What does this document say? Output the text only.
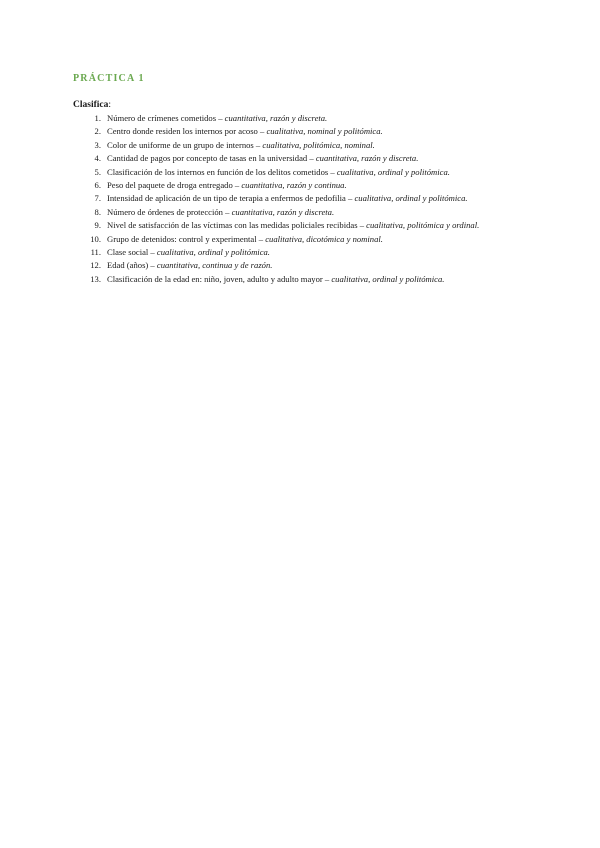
PRÁCTICA 1

Clasifica:

1. Número de crímenes cometidos – cuantitativa, razón y discreta.
2. Centro donde residen los internos por acoso – cualitativa, nominal y politómica.
3. Color de uniforme de un grupo de internos – cualitativa, politómica, nominal.
4. Cantidad de pagos por concepto de tasas en la universidad – cuantitativa, razón y discreta.
5. Clasificación de los internos en función de los delitos cometidos – cualitativa, ordinal y politómica.
6. Peso del paquete de droga entregado – cuantitativa, razón y continua.
7. Intensidad de aplicación de un tipo de terapia a enfermos de pedofilia – cualitativa, ordinal y politómica.
8. Número de órdenes de protección – cuantitativa, razón y discreta.
9. Nivel de satisfacción de las víctimas con las medidas policiales recibidas – cualitativa, politómica y ordinal.
10. Grupo de detenidos: control y experimental – cualitativa, dicotómica y nominal.
11. Clase social – cualitativa, ordinal y politómica.
12. Edad (años) – cuantitativa, continua y de razón.
13. Clasificación de la edad en: niño, joven, adulto y adulto mayor – cualitativa, ordinal y politómica.
